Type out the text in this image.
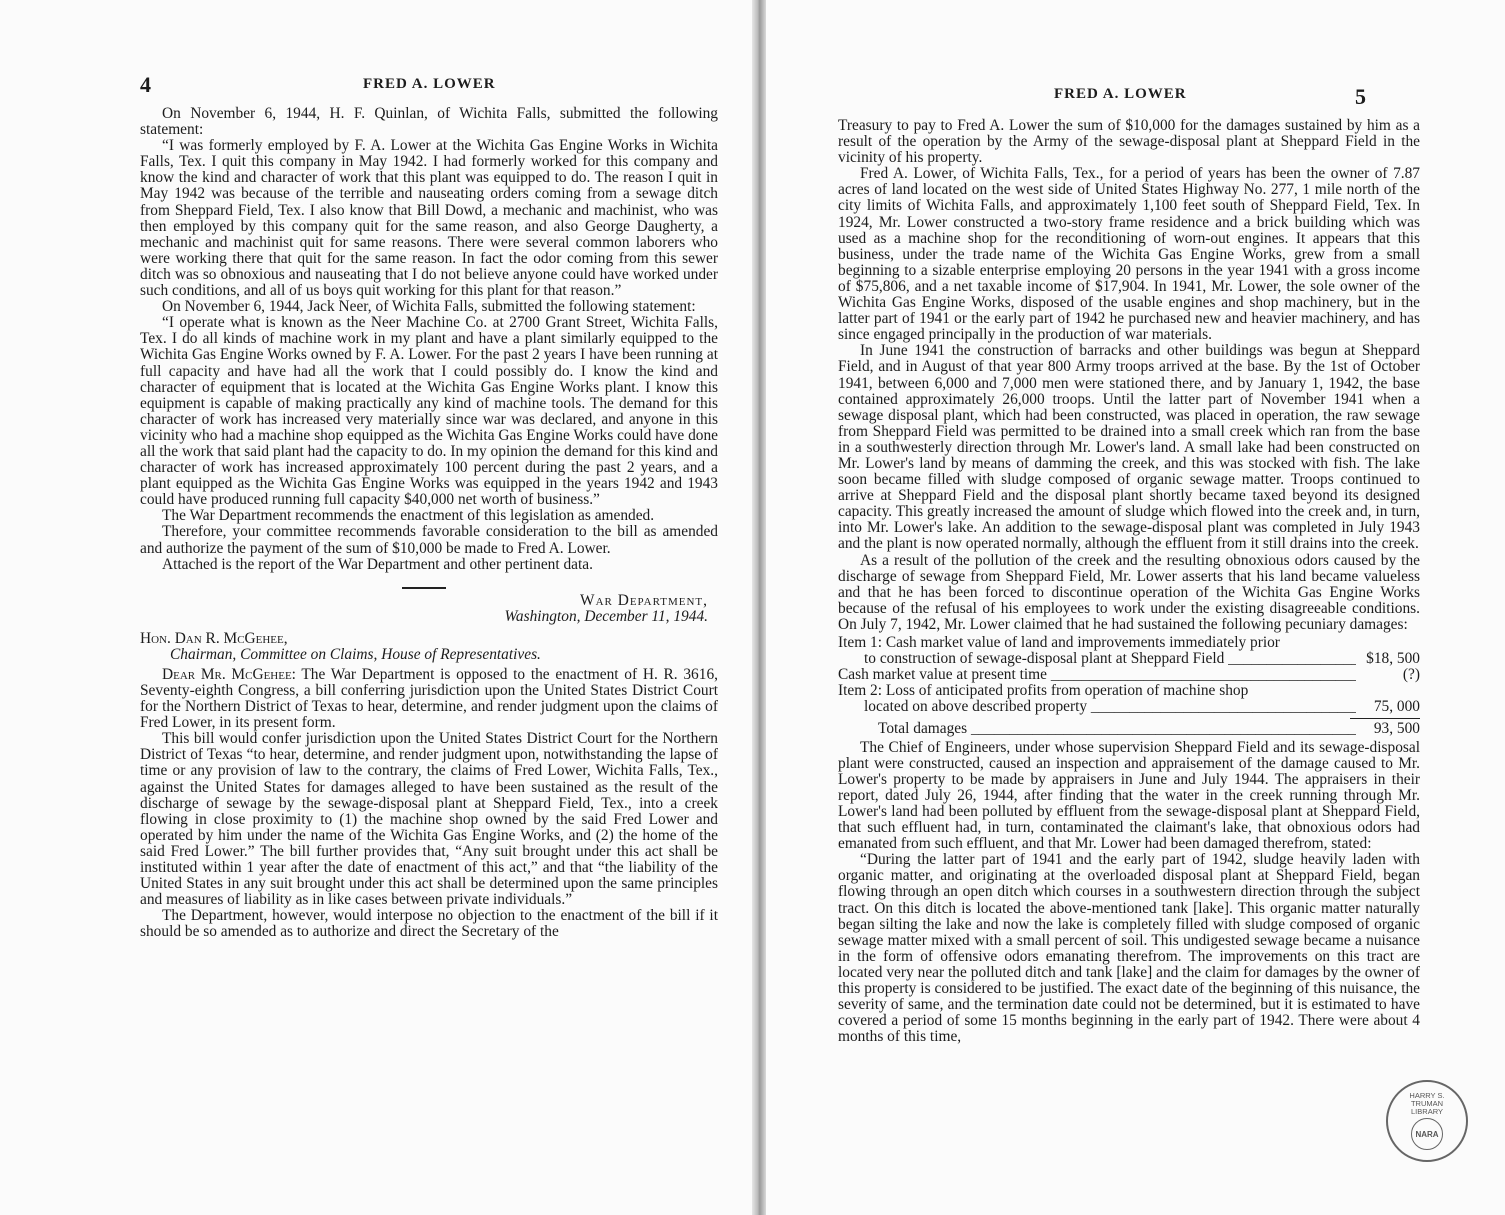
4	FRED A. LOWER

On November 6, 1944, H. F. Quinlan, of Wichita Falls, submitted the following statement:

“I was formerly employed by F. A. Lower at the Wichita Gas Engine Works in Wichita Falls, Tex. I quit this company in May 1942. I had formerly worked for this company and know the kind and character of work that this plant was equipped to do. The reason I quit in May 1942 was because of the terrible and nauseating orders coming from a sewage ditch from Sheppard Field, Tex. I also know that Bill Dowd, a mechanic and machinist, who was then employed by this company quit for the same reason, and also George Daugherty, a mechanic and machinist quit for same reasons. There were several common laborers who were working there that quit for the same reason. In fact the odor coming from this sewer ditch was so obnoxious and nauseating that I do not believe anyone could have worked under such conditions, and all of us boys quit working for this plant for that reason.”

On November 6, 1944, Jack Neer, of Wichita Falls, submitted the following statement:

“I operate what is known as the Neer Machine Co. at 2700 Grant Street, Wichita Falls, Tex. I do all kinds of machine work in my plant and have a plant similarly equipped to the Wichita Gas Engine Works owned by F. A. Lower. For the past 2 years I have been running at full capacity and have had all the work that I could possibly do. I know the kind and character of equipment that is located at the Wichita Gas Engine Works plant. I know this equipment is capable of making practically any kind of machine tools. The demand for this character of work has increased very materially since war was declared, and anyone in this vicinity who had a machine shop equipped as the Wichita Gas Engine Works could have done all the work that said plant had the capacity to do. In my opinion the demand for this kind and character of work has increased approximately 100 percent during the past 2 years, and a plant equipped as the Wichita Gas Engine Works was equipped in the years 1942 and 1943 could have produced running full capacity $40,000 net worth of business.”

The War Department recommends the enactment of this legislation as amended.

Therefore, your committee recommends favorable consideration to the bill as amended and authorize the payment of the sum of $10,000 be made to Fred A. Lower.

Attached is the report of the War Department and other pertinent data.

War Department,
Washington, December 11, 1944.
Hon. Dan R. McGehee,
Chairman, Committee on Claims, House of Representatives.

Dear Mr. McGehee: The War Department is opposed to the enactment of H. R. 3616, Seventy-eighth Congress, a bill conferring jurisdiction upon the United States District Court for the Northern District of Texas to hear, determine, and render judgment upon the claims of Fred Lower, in its present form.

This bill would confer jurisdiction upon the United States District Court for the Northern District of Texas “to hear, determine, and render judgment upon, notwithstanding the lapse of time or any provision of law to the contrary, the claims of Fred Lower, Wichita Falls, Tex., against the United States for damages alleged to have been sustained as the result of the discharge of sewage by the sewage-disposal plant at Sheppard Field, Tex., into a creek flowing in close proximity to (1) the machine shop owned by the said Fred Lower and operated by him under the name of the Wichita Gas Engine Works, and (2) the home of the said Fred Lower.” The bill further provides that, “Any suit brought under this act shall be instituted within 1 year after the date of enactment of this act,” and that “the liability of the United States in any suit brought under this act shall be determined upon the same principles and measures of liability as in like cases between private individuals.”

The Department, however, would interpose no objection to the enactment of the bill if it should be so amended as to authorize and direct the Secretary of the

FRED A. LOWER	5

Treasury to pay to Fred A. Lower the sum of $10,000 for the damages sustained by him as a result of the operation by the Army of the sewage-disposal plant at Sheppard Field in the vicinity of his property.

Fred A. Lower, of Wichita Falls, Tex., for a period of years has been the owner of 7.87 acres of land located on the west side of United States Highway No. 277, 1 mile north of the city limits of Wichita Falls, and approximately 1,100 feet south of Sheppard Field, Tex. In 1924, Mr. Lower constructed a two-story frame residence and a brick building which was used as a machine shop for the reconditioning of worn-out engines. It appears that this business, under the trade name of the Wichita Gas Engine Works, grew from a small beginning to a sizable enterprise employing 20 persons in the year 1941 with a gross income of $75,806, and a net taxable income of $17,904. In 1941, Mr. Lower, the sole owner of the Wichita Gas Engine Works, disposed of the usable engines and shop machinery, but in the latter part of 1941 or the early part of 1942 he purchased new and heavier machinery, and has since engaged principally in the production of war materials.

In June 1941 the construction of barracks and other buildings was begun at Sheppard Field, and in August of that year 800 Army troops arrived at the base. By the 1st of October 1941, between 6,000 and 7,000 men were stationed there, and by January 1, 1942, the base contained approximately 26,000 troops. Until the latter part of November 1941 when a sewage disposal plant, which had been constructed, was placed in operation, the raw sewage from Sheppard Field was permitted to be drained into a small creek which ran from the base in a southwesterly direction through Mr. Lower's land. A small lake had been constructed on Mr. Lower's land by means of damming the creek, and this was stocked with fish. The lake soon became filled with sludge composed of organic sewage matter. Troops continued to arrive at Sheppard Field and the disposal plant shortly became taxed beyond its designed capacity. This greatly increased the amount of sludge which flowed into the creek and, in turn, into Mr. Lower's lake. An addition to the sewage-disposal plant was completed in July 1943 and the plant is now operated normally, although the effluent from it still drains into the creek.

As a result of the pollution of the creek and the resulting obnoxious odors caused by the discharge of sewage from Sheppard Field, Mr. Lower asserts that his land became valueless and that he has been forced to discontinue operation of the Wichita Gas Engine Works because of the refusal of his employees to work under the existing disagreeable conditions. On July 7, 1942, Mr. Lower claimed that he had sustained the following pecuniary damages:

Item 1: Cash market value of land and improvements immediately prior
to construction of sewage-disposal plant at Sheppard Field _____	$18, 500
Cash market value at present time _____	(?)
Item 2: Loss of anticipated profits from operation of machine shop
located on above described property _____	75, 000
Total damages _____	93, 500

The Chief of Engineers, under whose supervision Sheppard Field and its sewage-disposal plant were constructed, caused an inspection and appraisement of the damage caused to Mr. Lower's property to be made by appraisers in June and July 1944. The appraisers in their report, dated July 26, 1944, after finding that the water in the creek running through Mr. Lower's land had been polluted by effluent from the sewage-disposal plant at Sheppard Field, that such effluent had, in turn, contaminated the claimant's lake, that obnoxious odors had emanated from such effluent, and that Mr. Lower had been damaged therefrom, stated:

“During the latter part of 1941 and the early part of 1942, sludge heavily laden with organic matter, and originating at the overloaded disposal plant at Sheppard Field, began flowing through an open ditch which courses in a southwestern direction through the subject tract. On this ditch is located the above-mentioned tank [lake]. This organic matter naturally began silting the lake and now the lake is completely filled with sludge composed of organic sewage matter mixed with a small percent of soil. This undigested sewage became a nuisance in the form of offensive odors emanating therefrom. The improvements on this tract are located very near the polluted ditch and tank [lake] and the claim for damages by the owner of this property is considered to be justified. The exact date of the beginning of this nuisance, the severity of same, and the termination date could not be determined, but it is estimated to have covered a period of some 15 months beginning in the early part of 1942. There were about 4 months of this time,

HARRY S. TRUMAN LIBRARY
NARA
